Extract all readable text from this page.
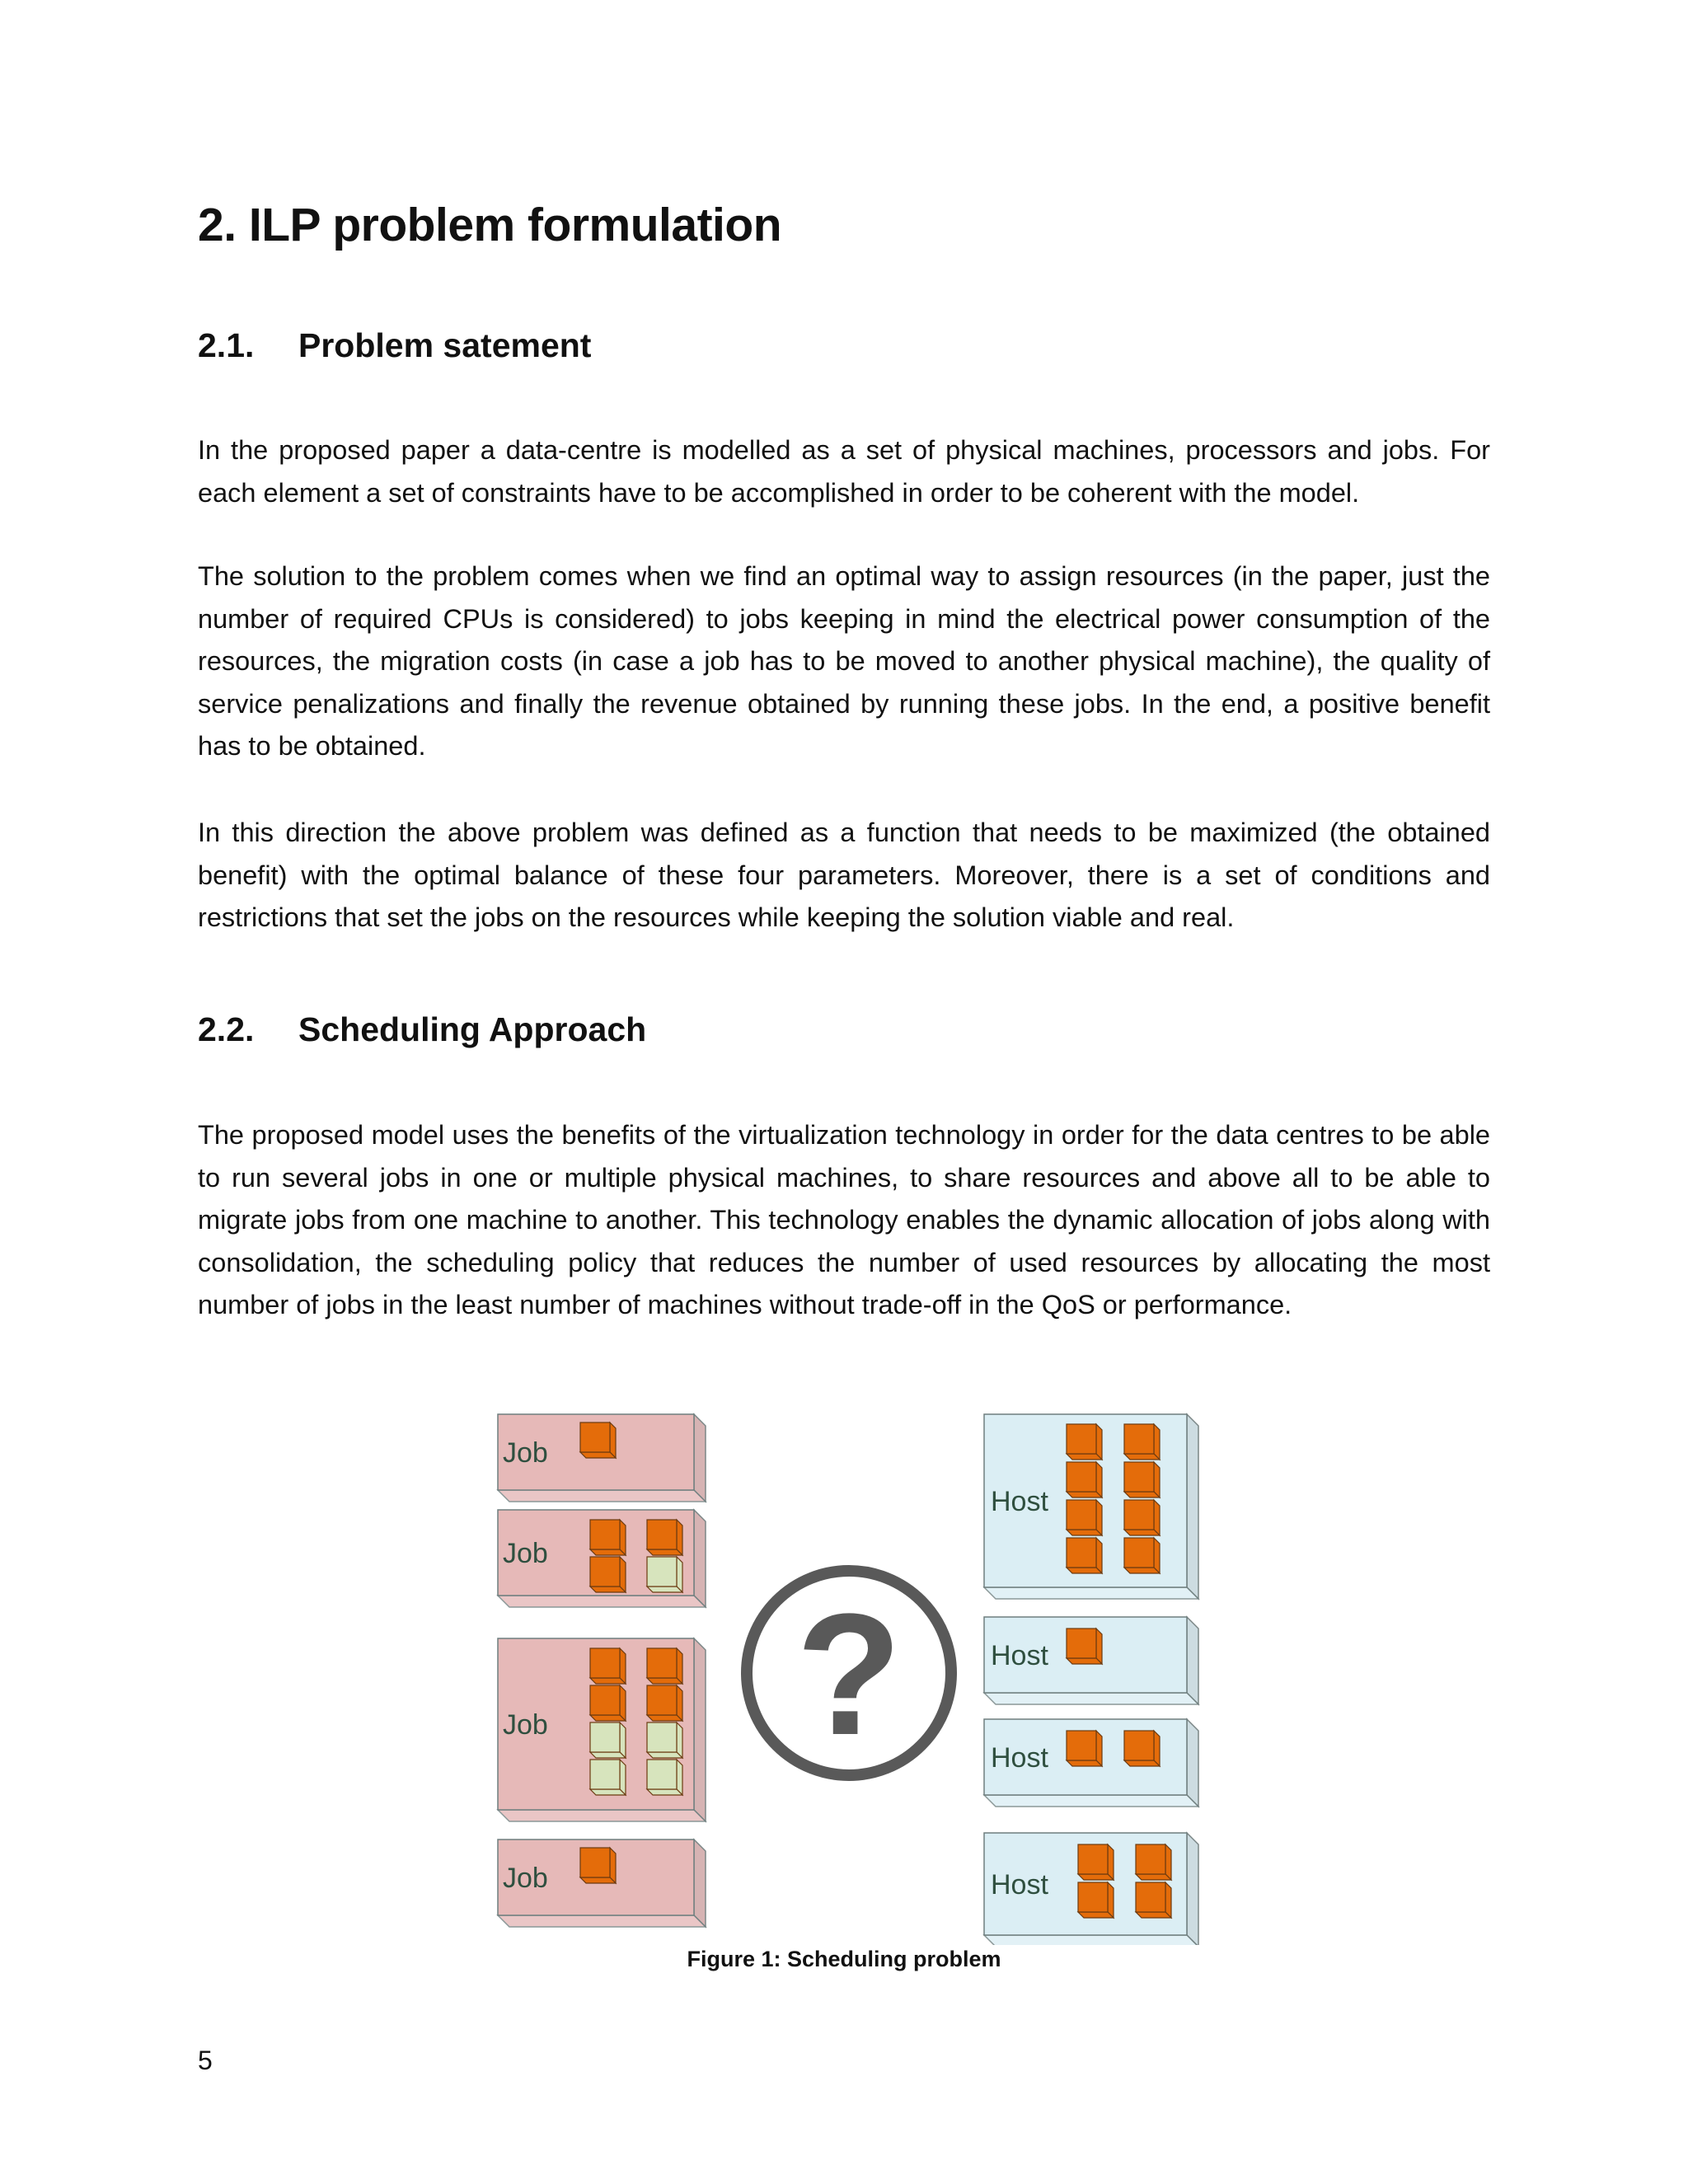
2. ILP problem formulation
2.1. Problem satement

In the proposed paper a data-centre is modelled as a set of physical machines, processors and jobs. For each element a set of constraints have to be accomplished in order to be coherent with the model.

The solution to the problem comes when we find an optimal way to assign resources (in the paper, just the number of required CPUs is considered) to jobs keeping in mind the electrical power consumption of the resources, the migration costs (in case a job has to be moved to another physical machine), the quality of service penalizations and finally the revenue obtained by running these jobs. In the end, a positive benefit has to be obtained.

In this direction the above problem was defined as a function that needs to be maximized (the obtained benefit) with the optimal balance of these four parameters. Moreover, there is a set of conditions and restrictions that set the jobs on the resources while keeping the solution viable and real.

2.2. Scheduling Approach

The proposed model uses the benefits of the virtualization technology in order for the data centres to be able to run several jobs in one or multiple physical machines, to share resources and above all to be able to migrate jobs from one machine to another. This technology enables the dynamic allocation of jobs along with consolidation, the scheduling policy that reduces the number of used resources by allocating the most number of jobs in the least number of machines without trade-off in the QoS or performance.

Job
Job
Job
Job
Host
Host
Host
Host
?

Figure 1: Scheduling problem

5
